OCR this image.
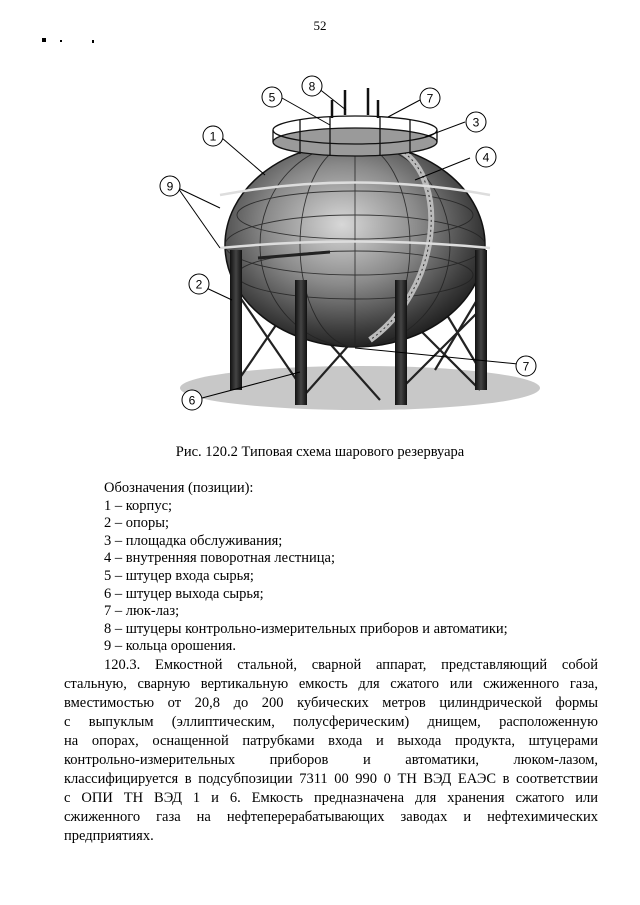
52
1
2
3
4
5
6
7
7
8
9
Рис. 120.2 Типовая схема шарового резервуара
Обозначения (позиции):
1 – корпус;
2 – опоры;
3 – площадка обслуживания;
4 – внутренняя поворотная лестница;
5 – штуцер входа сырья;
6 – штуцер выхода сырья;
7 – люк-лаз;
8 – штуцеры контрольно-измерительных приборов и автоматики;
9 – кольца орошения.
120.3. Емкостной стальной, сварной аппарат, представляющий собой
стальную, сварную вертикальную емкость для сжатого или сжиженного газа,
вместимостью от 20,8 до 200 кубических метров цилиндрической формы
с выпуклым (эллиптическим, полусферическим) днищем, расположенную
на опорах, оснащенной патрубками входа и выхода продукта, штуцерами
контрольно-измерительных приборов и автоматики, люком-лазом,
классифицируется в подсубпозиции 7311 00 990 0 ТН ВЭД ЕАЭС в соответствии
с ОПИ ТН ВЭД 1 и 6. Емкость предназначена для хранения сжатого или
сжиженного газа на нефтеперерабатывающих заводах и нефтехимических
предприятиях.
